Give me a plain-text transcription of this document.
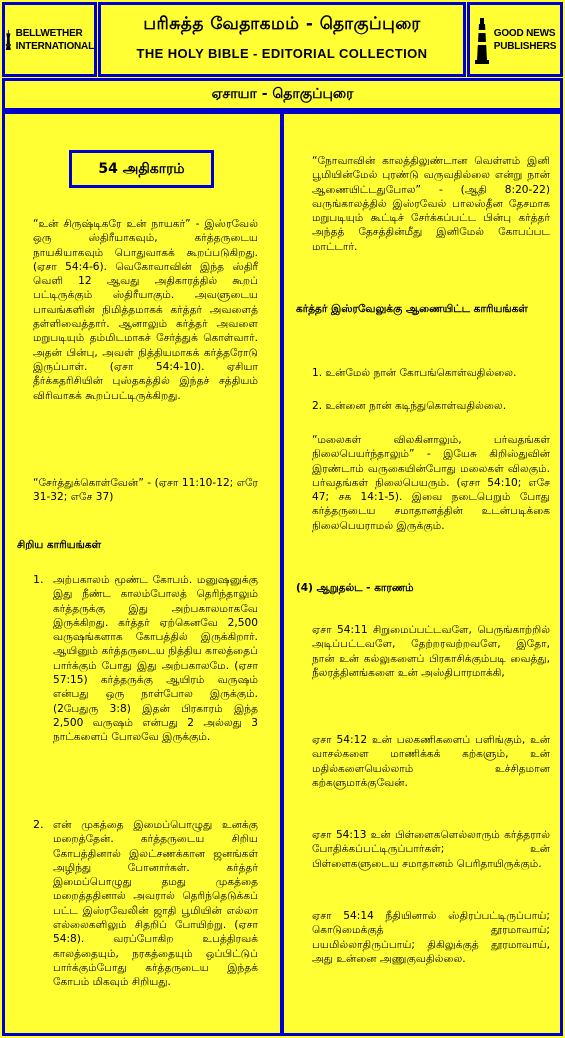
BELLWETHER
INTERNATIONAL
பரிசுத்த வேதாகமம் - தொகுப்புரை
THE HOLY BIBLE - EDITORIAL COLLECTION
GOOD NEWS
PUBLISHERS
ஏசாயா - தொகுப்புரை
54 அதிகாரம்

“உன் சிருஷ்டிகரே உன் நாயகர்” - இஸ்ரவேல் ஒரு ஸ்திரீயாகவும், கர்த்தருடைய நாயகியாகவும் பொதுவாகக் கூறப்படுகிறது. (ஏசா 54:4-6). வெகோவாவின் இந்த ஸ்திரீ வெளி 12 ஆவது அதிகாரத்தில் கூறப் பட்டிருக்கும் ஸ்திரீயாகும். அவளுடைய பாவங்களின் நிமித்தமாகக் கர்த்தர் அவளைத் தள்ளிவைத்தார். ஆனாலும் கர்த்தர் அவளை மறுபடியும் தம்மிடமாகச் சேர்த்துக் கொள்வார். அதன் பின்பு, அவள் நித்தியமாகக் கர்த்தரோடு இருப்பாள். (ஏசா 54:4-10). ஏசியா தீர்க்கதரிசியின் புஸ்தகத்தில் இந்தச் சத்தியம் விரிவாகக் கூறப்பட்டிருக்கிறது.

“சேர்த்துக்கொள்வேன்” - (ஏசா 11:10-12; எரே 31-32; எசே 37)

சிறிய காரியங்கள்

1. அற்பகாலம் மூண்ட கோபம். மனுஷனுக்கு இது நீண்ட காலம்போலத் தெரிந்தாலும் கர்த்தருக்கு இது அற்பகாலமாகவே இருக்கிறது. கர்த்தர் ஏற்கெனவே 2,500 வருஷங்களாக கோபத்தில் இருக்கிறார். ஆயினும் கர்த்தருடைய நித்திய காலத்தைப் பார்க்கும் போது இது அற்பகாலமே. (ஏசா 57:15) கர்த்தருக்கு ஆயிரம் வருஷம் என்பது ஒரு நாள்போல இருக்கும். (2பேதுரு 3:8) இதன் பிரகாரம் இந்த 2,500 வருஷம் என்பது 2 அல்லது 3 நாட்களைப் போலவே இருக்கும்.

2. என் முகத்தை இமைப்பொழுது உனக்கு மறைத்தேன். கர்த்தருடைய சிறிய கோபத்தினால் இலட்சணக்கான ஜனங்கள் அழிந்து போனார்கள். கர்த்தர் இமைப்பொழுது தமது முகத்தை மறைத்ததினால் அவரால் தெரிந்தெடுக்கப் பட்ட இஸ்ரவேலின் ஜாதி பூமியின் எல்லா எல்லைகளிலும் சிதறிப் போயிற்று. (ஏசா 54:8). வரப்போகிற உபத்திரவக் காலத்தையும், நரகத்தையும் ஒப்பிட்டுப் பார்க்கும்போது கர்த்தருடைய இந்தக் கோபம் மிகவும் சிறியது.

“நோவாவின் காலத்திலுண்டான வெள்ளம் இனி பூமியின்மேல் புரண்டு வருவதில்லை என்று நான் ஆணையிட்டதுபோல” - (ஆதி 8:20-22) வருங்காலத்தில் இஸ்ரவேல் பாலஸ்தீன தேசமாக மறுபடியும் கூட்டிச் சேர்க்கப்பட்ட பின்பு கர்த்தர் அந்தத் தேசத்தின்மீது இனிமேல் கோபப்பட மாட்டார்.

கர்த்தர் இஸ்ரவேலுக்கு ஆணையிட்ட காரியங்கள்

1. உன்மேல் நான் கோபங்கொள்வதில்லை.

2. உன்னை நான் கடிந்துகொள்வதில்லை.

“மலைகள் விலகினாலும், பர்வதங்கள் நிலைபெயர்ந்தாலும்” - இயேசு கிறிஸ்துவின் இரண்டாம் வருகையின்போது மலைகள் விலகும். பர்வதங்கள் நிலைபெயரும். (ஏசா 54:10; எசே 47; சக 14:1-5). இவை நடைபெறும் போது கர்த்தருடைய சமாதானத்தின் உடன்படிக்கை நிலைபெயராமல் இருக்கும்.

(4) ஆறுதல்ட - காரணம்

ஏசா 54:11 சிறுமைப்பட்டவளே, பெருங்காற்றில் அடிப்பட்டவளே, தேற்றரவற்றவளே, இதோ, நான் உன் கல்லுகளைப் பிரகாசிக்கும்படி வைத்து, நீலரத்தினங்களை உன் அஸ்திபாரமாக்கி,

ஏசா 54:12 உன் பலகணிகளைப் பளிங்கும், உன் வாசல்களை மாணிக்கக் கற்களும், உன் மதில்களையெல்லாம் உச்சிதமான கற்களுமாக்குவேன்.

ஏசா 54:13 உன் பிள்ளைகளெல்லாரும் கர்த்தரால் போதிக்கப்பட்டிருப்பார்கள்; உன் பிள்ளைகளுடைய சமாதானம் பெரிதாயிருக்கும்.

ஏசா 54:14 நீதியினால் ஸ்திரப்பட்டிருப்பாய்; கொடுமைக்குத் தூரமாவாய்; பயமில்லாதிருப்பாய்; திகிலுக்குத் தூரமாவாய், அது உன்னை அணுகுவதில்லை.
